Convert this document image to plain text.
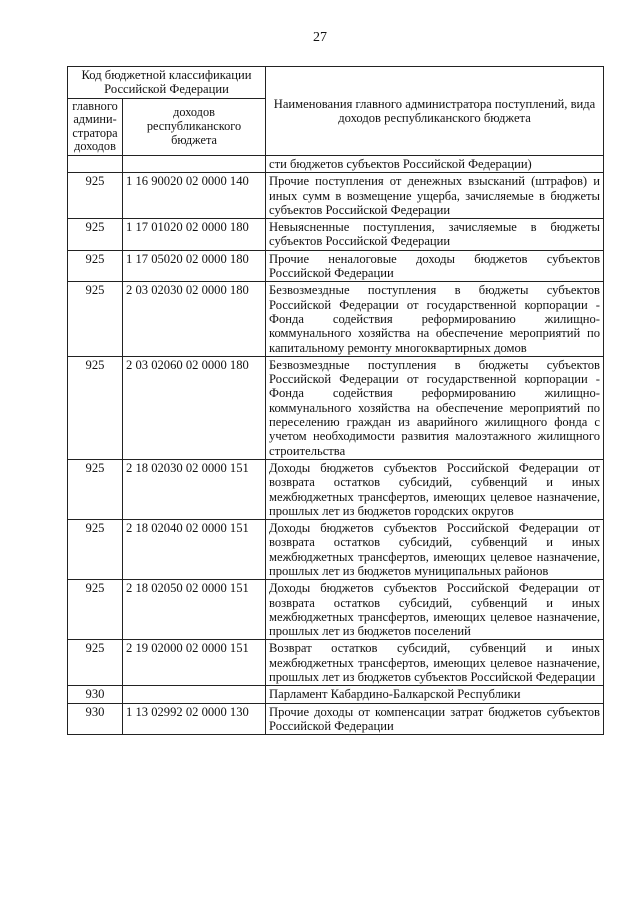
27
Код бюджетной классификации Российской Федерации		Наименования главного администратора поступлений, вида доходов республиканского бюджета
главного админи-стратора доходов	доходов республиканского бюджета	
		сти бюджетов субъектов Российской Федерации)
925	1 16 90020 02 0000 140	Прочие поступления от денежных взысканий (штрафов) и иных сумм в возмещение ущерба, зачисляемые в бюджеты субъектов Российской Федерации
925	1 17 01020 02 0000 180	Невыясненные поступления, зачисляемые в бюджеты субъектов Российской Федерации
925	1 17 05020 02 0000 180	Прочие неналоговые доходы бюджетов субъектов Российской Федерации
925	2 03 02030 02 0000 180	Безвозмездные поступления в бюджеты субъектов Российской Федерации от государственной корпорации - Фонда содействия реформированию жилищно-коммунального хозяйства на обеспечение мероприятий по капитальному ремонту многоквартирных домов
925	2 03 02060 02 0000 180	Безвозмездные поступления в бюджеты субъектов Российской Федерации от государственной корпорации - Фонда содействия реформированию жилищно-коммунального хозяйства на обеспечение мероприятий по переселению граждан из аварийного жилищного фонда с учетом необходимости развития малоэтажного жилищного строительства
925	2 18 02030 02 0000 151	Доходы бюджетов субъектов Российской Федерации от возврата остатков субсидий, субвенций и иных межбюджетных трансфертов, имеющих целевое назначение, прошлых лет из бюджетов городских округов
925	2 18 02040 02 0000 151	Доходы бюджетов субъектов Российской Федерации от возврата остатков субсидий, субвенций и иных межбюджетных трансфертов, имеющих целевое назначение, прошлых лет из бюджетов муниципальных районов
925	2 18 02050 02 0000 151	Доходы бюджетов субъектов Российской Федерации от возврата остатков субсидий, субвенций и иных межбюджетных трансфертов, имеющих целевое назначение, прошлых лет из бюджетов поселений
925	2 19 02000 02 0000 151	Возврат остатков субсидий, субвенций и иных межбюджетных трансфертов, имеющих целевое назначение, прошлых лет из бюджетов субъектов Российской Федерации
930		Парламент Кабардино-Балкарской Республики
930	1 13 02992 02 0000 130	Прочие доходы от компенсации затрат бюджетов субъектов Российской Федерации
